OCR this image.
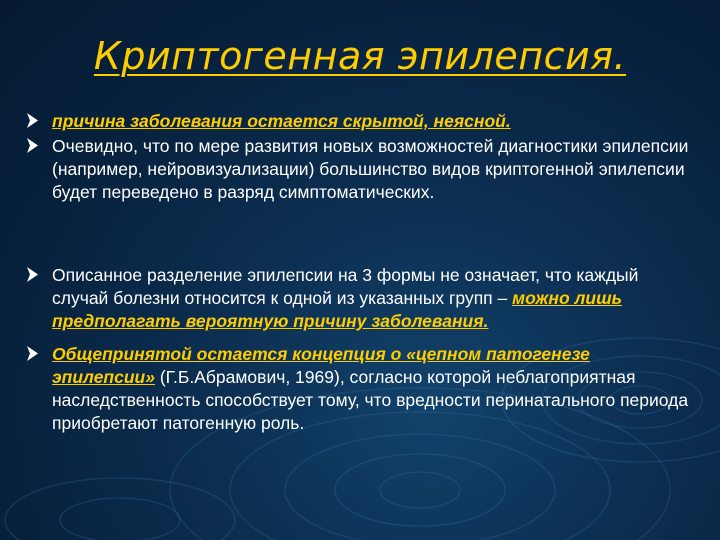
Криптогенная эпилепсия.
причина заболевания остается скрытой, неясной.
Очевидно, что по мере развития новых возможностей диагностики эпилепсии (например, нейровизуализации) большинство видов криптогенной эпилепсии будет переведено в разряд симптоматических.
Описанное разделение эпилепсии на 3 формы не означает, что каждый случай болезни относится к одной из указанных групп – можно лишь предполагать вероятную причину заболевания.
Общепринятой остается концепция о «цепном патогенезе эпилепсии» (Г.Б.Абрамович, 1969), согласно которой неблагоприятная наследственность способствует тому, что вредности перинатального периода приобретают патогенную роль.
